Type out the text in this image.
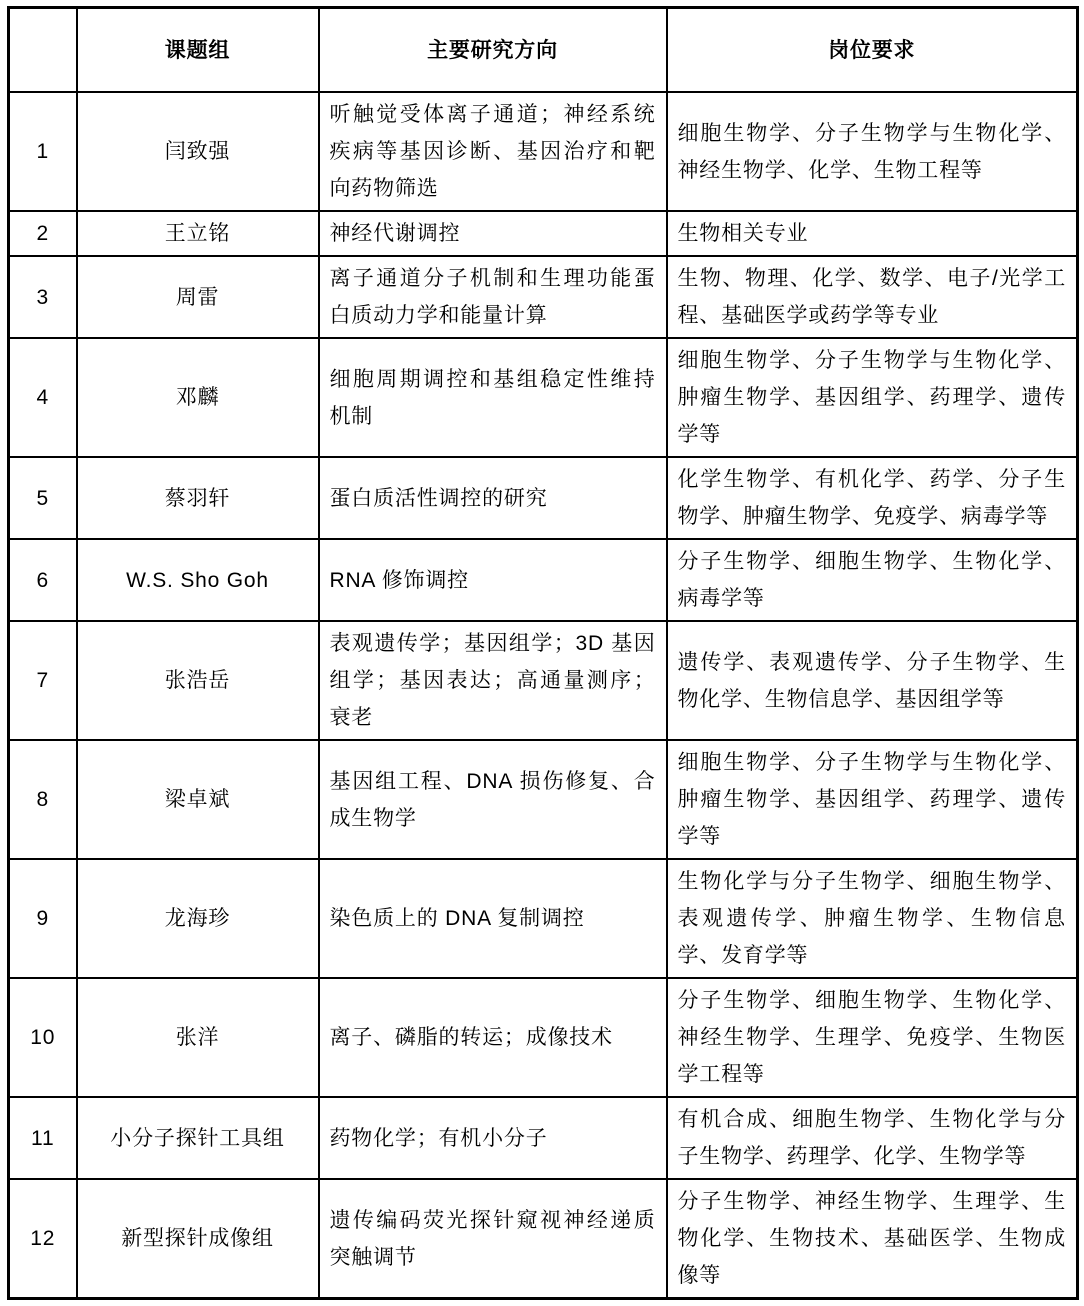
	课题组	主要研究方向	岗位要求
1	闫致强	听触觉受体离子通道；神经系统疾病等基因诊断、基因治疗和靶向药物筛选	细胞生物学、分子生物学与生物化学、神经生物学、化学、生物工程等
2	王立铭	神经代谢调控	生物相关专业
3	周雷	离子通道分子机制和生理功能蛋白质动力学和能量计算	生物、物理、化学、数学、电子/光学工程、基础医学或药学等专业
4	邓麟	细胞周期调控和基组稳定性维持机制	细胞生物学、分子生物学与生物化学、肿瘤生物学、基因组学、药理学、遗传学等
5	蔡羽轩	蛋白质活性调控的研究	化学生物学、有机化学、药学、分子生物学、肿瘤生物学、免疫学、病毒学等
6	W.S. Sho Goh	RNA 修饰调控	分子生物学、细胞生物学、生物化学、病毒学等
7	张浩岳	表观遗传学；基因组学；3D 基因组学；基因表达；高通量测序；衰老	遗传学、表观遗传学、分子生物学、生物化学、生物信息学、基因组学等
8	梁卓斌	基因组工程、DNA 损伤修复、合成生物学	细胞生物学、分子生物学与生物化学、肿瘤生物学、基因组学、药理学、遗传学等
9	龙海珍	染色质上的 DNA 复制调控	生物化学与分子生物学、细胞生物学、表观遗传学、肿瘤生物学、生物信息学、发育学等
10	张洋	离子、磷脂的转运；成像技术	分子生物学、细胞生物学、生物化学、神经生物学、生理学、免疫学、生物医学工程等
11	小分子探针工具组	药物化学；有机小分子	有机合成、细胞生物学、生物化学与分子生物学、药理学、化学、生物学等
12	新型探针成像组	遗传编码荧光探针窥视神经递质突触调节	分子生物学、神经生物学、生理学、生物化学、生物技术、基础医学、生物成像等
